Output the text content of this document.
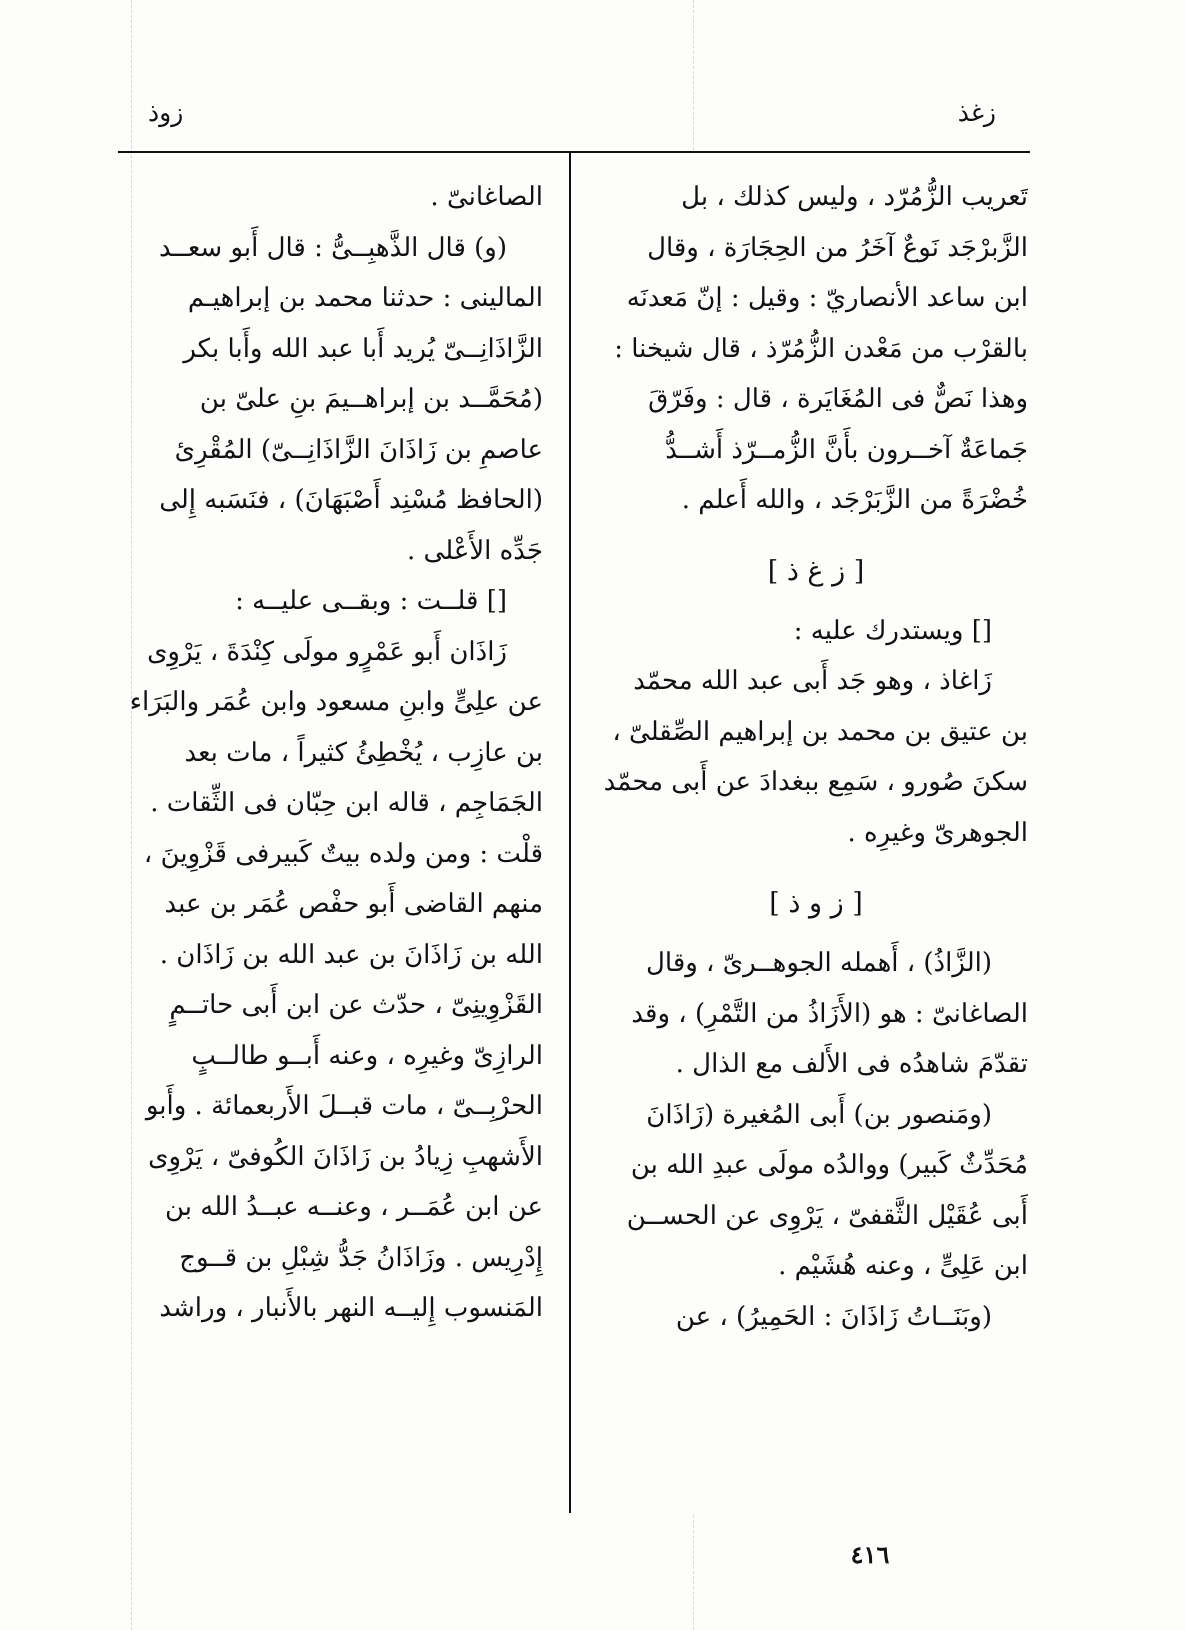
زغذ
زوذ
تَعريب الزُّمُرّد ، وليس كذلك ، بل
الزَّبرْجَد نَوعٌ آخَرُ من الحِجَارَة ، وقال
ابن ساعد الأنصاريّ : وقيل : إنّ مَعدنَه
بالقرْب من مَعْدن الزُّمُرّذ ، قال شيخنا :
وهذا نَصٌّ فى المُغَايَرة ، قال : وفَرّقَ
جَماعَةٌ آخــرون بأَنَّ الزُّمــرّذ أَشــدُّ
خُضْرَةً من الزَّبَرْجَد ، والله أَعلم .
[ ز غ ذ ]
[] ويستدرك عليه :
زَاغاذ ، وهو جَد أَبى عبد الله محمّد
بن عتيق بن محمد بن إبراهيم الصِّقلىّ ،
سكنَ صُورو ، سَمِع ببغدادَ عن أَبى محمّد
الجوهرىّ وغيرِه .
[ ز و ذ ]
(الزَّاذُ) ، أَهمله الجوهــرىّ ، وقال
الصاغانىّ : هو (الأَزَاذُ من التَّمْرِ) ، وقد
تقدّمَ شاهدُه فى الأَلف مع الذال .
(ومَنصور بن) أَبى المُغيرة (زَاذَانَ
مُحَدِّثٌ كَبير) ووالدُه مولَى عبدِ الله بن
أَبى عُقَيْل الثَّقفىّ ، يَرْوِى عن الحســن
ابن عَلِىٍّ ، وعنه هُشَيْم .
(وبَنَــاتُ زَاذَانَ : الحَمِيرُ) ، عن
الصاغانىّ .
(و) قال الذَّهبِــىُّ : قال أَبو سعــد
المالينى : حدثنا محمد بن إبراهيـم
الزَّاذَانِــىّ يُريد أَبا عبد الله وأَبا بكر
(مُحَمَّــد بن إبراهــيمَ بنِ علىّ بن
عاصمِ بن زَاذَانَ الزَّاذَانِــىّ) المُقْرِئ
(الحافظ مُسْنِد أَصْبَهَانَ) ، فنَسَبه إِلى
جَدِّه الأَعْلى .
[] قلــت : وبقــى عليــه :
زَاذَان أَبو عَمْرٍو مولَى كِنْدَةَ ، يَرْوِى
عن علِىٍّ وابنِ مسعود وابن عُمَر والبَرَاء
بن عازِب ، يُخْطِئُ كثيراً ، مات بعد
الجَمَاجِم ، قاله ابن حِبّان فى الثِّقات .
قلْت : ومن ولده بيتٌ كَبيرفى قَزْوِينَ ،
منهم القاضى أَبو حفْص عُمَر بن عبد
الله بن زَاذَانَ بن عبد الله بن زَاذَان .
القَزْوِينِىّ ، حدّث عن ابن أَبى حاتــمٍ
الرازِىّ وغيرِه ، وعنه أَبــو طالــبٍ
الحرْبِــىّ ، مات قبــلَ الأَربعمائة . وأَبو
الأَشهبِ زِيادُ بن زَاذَانَ الكُوفىّ ، يَرْوِى
عن ابن عُمَــر ، وعنــه عبــدُ الله بن
إِدْرِيس . وزَاذَانُ جَدُّ شِبْلِ بن قــوج
المَنسوب إِليــه النهر بالأَنبار ، وراشد
٤١٦
